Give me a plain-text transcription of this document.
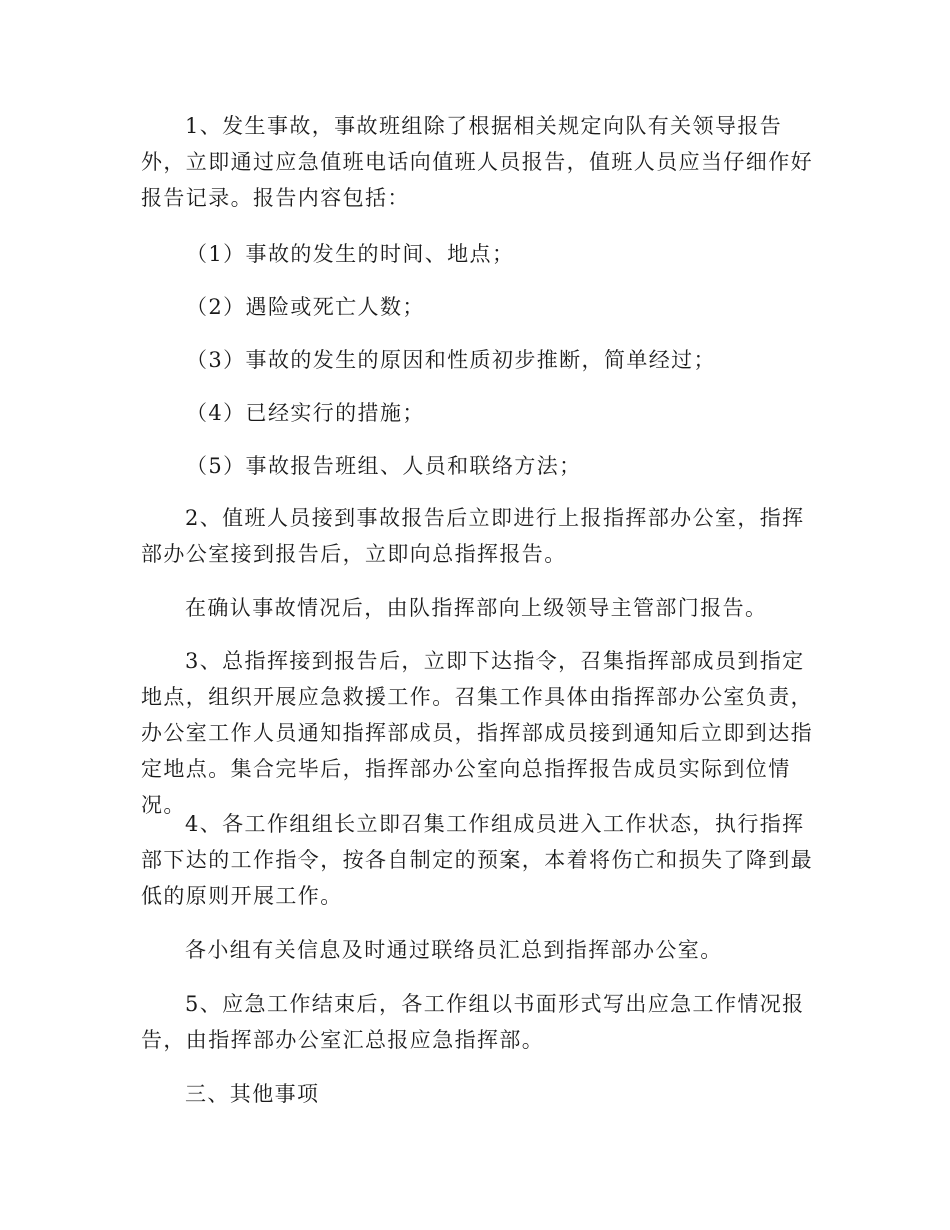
1、发生事故，事故班组除了根据相关规定向队有关领导报告外，立即通过应急值班电话向值班人员报告，值班人员应当仔细作好报告记录。报告内容包括：

（1）事故的发生的时间、地点；

（2）遇险或死亡人数；

（3）事故的发生的原因和性质初步推断，简单经过；

（4）已经实行的措施；

（5）事故报告班组、人员和联络方法；

2、值班人员接到事故报告后立即进行上报指挥部办公室，指挥部办公室接到报告后，立即向总指挥报告。

在确认事故情况后，由队指挥部向上级领导主管部门报告。

3、总指挥接到报告后，立即下达指令，召集指挥部成员到指定地点，组织开展应急救援工作。召集工作具体由指挥部办公室负责，办公室工作人员通知指挥部成员，指挥部成员接到通知后立即到达指定地点。集合完毕后，指挥部办公室向总指挥报告成员实际到位情况。

4、各工作组组长立即召集工作组成员进入工作状态，执行指挥部下达的工作指令，按各自制定的预案，本着将伤亡和损失了降到最低的原则开展工作。

各小组有关信息及时通过联络员汇总到指挥部办公室。

5、应急工作结束后，各工作组以书面形式写出应急工作情况报告，由指挥部办公室汇总报应急指挥部。

三、其他事项
